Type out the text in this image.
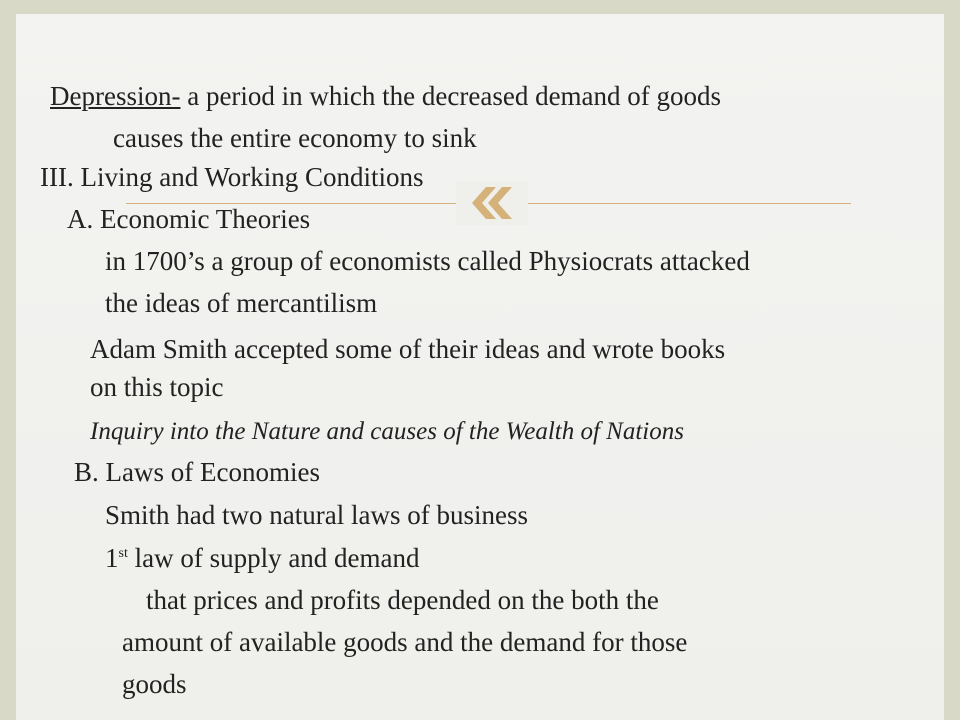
Depression- a period in which the decreased demand of goods

causes the entire economy to sink

III. Living and Working Conditions

A. Economic Theories

in 1700’s a group of economists called Physiocrats attacked

the ideas of mercantilism

Adam Smith accepted some of their ideas and wrote books

on this topic

Inquiry into the Nature and causes of the Wealth of Nations

B. Laws of Economies

Smith had two natural laws of business

1st law of supply and demand

that prices and profits depended on the both the

amount of available goods and the demand for those

goods
